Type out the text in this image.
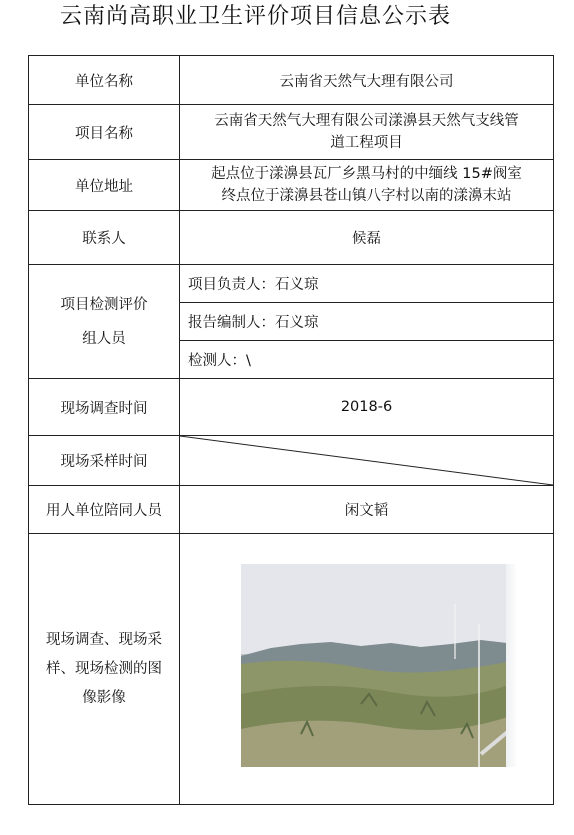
云南尚高职业卫生评价项目信息公示表
单位名称	云南省天然气大理有限公司
项目名称	云南省天然气大理有限公司漾濞县天然气支线管
道工程项目

单位地址	起点位于漾濞县瓦厂乡黑马村的中缅线 15#阀室
终点位于漾濞县苍山镇八字村以南的漾濞末站

联系人	候磊

项目检测评价
组人员	项目负责人：石义琼
	报告编制人：石义琼
	检测人：\
现场调查时间	2018-6
现场采样时间	

用人单位陪同人员	闲文韬

现场调查、现场采
样、现场检测的图
像影像
